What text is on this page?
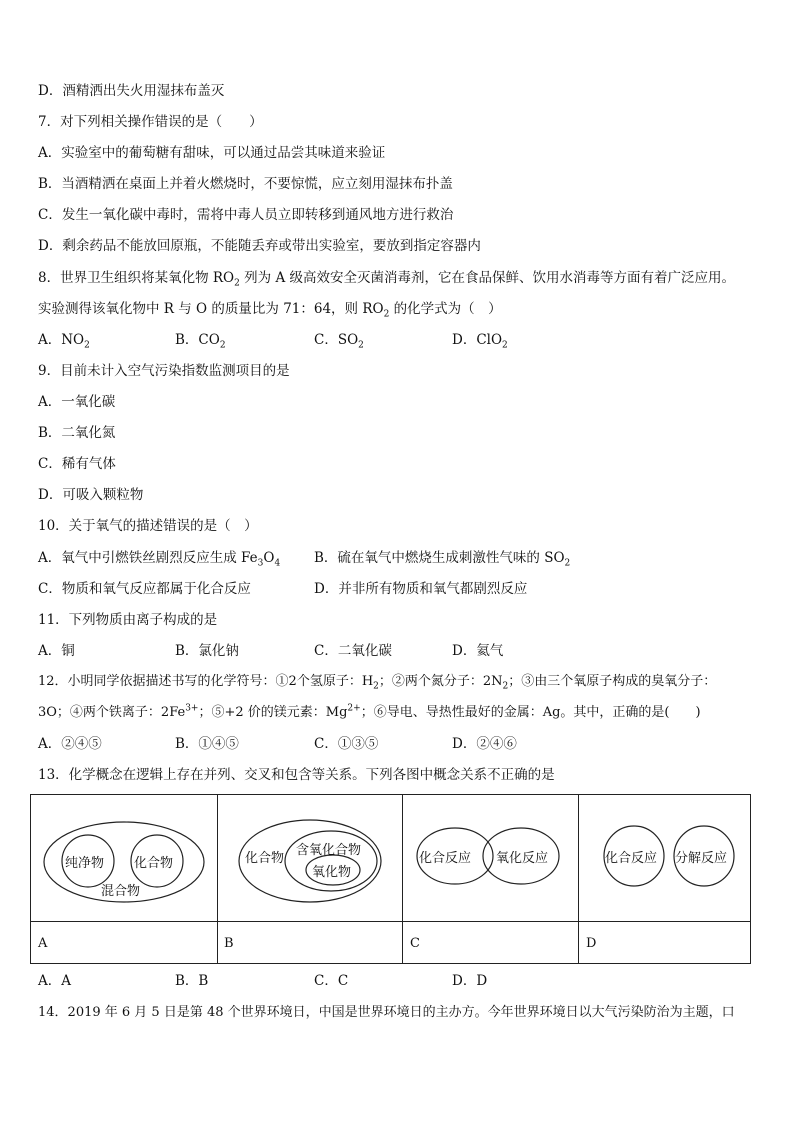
D．酒精洒出失火用湿抹布盖灭
7．对下列相关操作错误的是（　　）
A．实验室中的葡萄糖有甜味，可以通过品尝其味道来验证
B．当酒精洒在桌面上并着火燃烧时，不要惊慌，应立刻用湿抹布扑盖
C．发生一氧化碳中毒时，需将中毒人员立即转移到通风地方进行救治
D．剩余药品不能放回原瓶，不能随丢弃或带出实验室，要放到指定容器内
8．世界卫生组织将某氧化物 $RO_2$ 列为 A 级高效安全灭菌消毒剂，它在食品保鲜、饮用水消毒等方面有着广泛应用。
实验测得该氧化物中 R 与 O 的质量比为 71：64，则 $RO_2$ 的化学式为（　）
A．$NO_2$	B．$CO_2$	C．$SO_2$	D．ClO$_2$
9．目前未计入空气污染指数监测项目的是
A．一氧化碳
B．二氧化氮
C．稀有气体
D．可吸入颗粒物
10．关于氧气的描述错误的是（　）
A．氧气中引燃铁丝剧烈反应生成 $Fe_3O_4$	B．硫在氧气中燃烧生成刺激性气味的 $SO_2$
C．物质和氧气反应都属于化合反应	D．并非所有物质和氧气都剧烈反应
11．下列物质由离子构成的是
A．铜	B．氯化钠	C．二氧化碳	D．氦气
12．小明同学依据描述书写的化学符号：①2个氢原子：$H_2$；②两个氮分子：$2N_2$；③由三个氧原子构成的臭氧分子：
3O；④两个铁离子：$2Fe^{3+}$；⑤+2 价的镁元素：$Mg^{2+}$；⑥导电、导热性最好的金属：Ag。其中，正确的是(　　)
A．②④⑤	B．①④⑤	C．①③⑤	D．②④⑥
13．化学概念在逻辑上存在并列、交叉和包含等关系。下列各图中概念关系不正确的是
纯净物 化合物
混合物
A
化合物
含氧化合物
氧化物
B
化合反应 氧化反应
C
化合反应 分解反应
D
A．A	B．B	C．C	D．D
14．2019 年 6 月 5 日是第 48 个世界环境日，中国是世界环境日的主办方。今年世界环境日以大气污染防治为主题，口
